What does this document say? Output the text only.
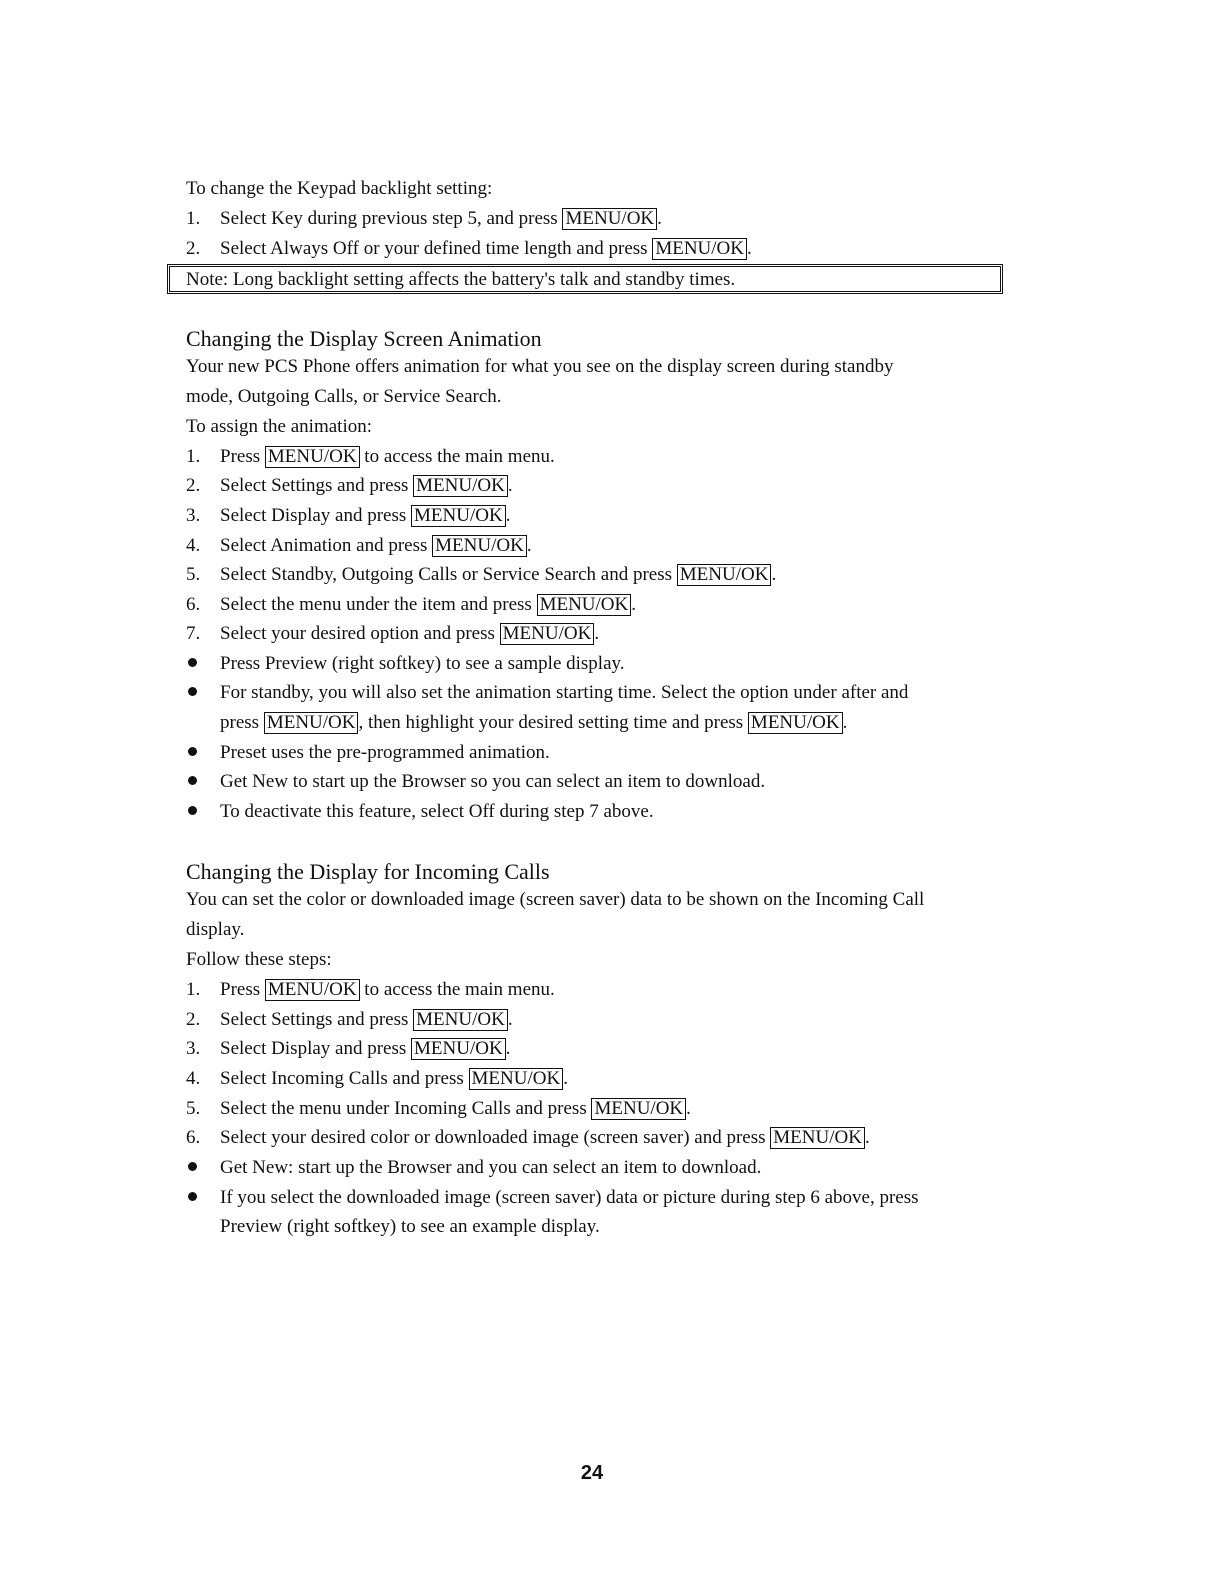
To change the Keypad backlight setting:
1.	Select Key during previous step 5, and press MENU/OK .
2.	Select Always Off or your defined time length and press MENU/OK .
Note: Long backlight setting affects the battery's talk and standby times.
Changing the Display Screen Animation
Your new PCS Phone offers animation for what you see on the display screen during standby
mode, Outgoing Calls, or Service Search.
To assign the animation:
1.	Press MENU/OK to access the main menu.
2.	Select Settings and press MENU/OK .
3.	Select Display and press MENU/OK .
4.	Select Animation and press MENU/OK .
5.	Select Standby, Outgoing Calls or Service Search and press MENU/OK .
6.	Select the menu under the item and press MENU/OK .
7.	Select your desired option and press MENU/OK .
Press Preview (right softkey) to see a sample display.
For standby, you will also set the animation starting time. Select the option under after and
press MENU/OK , then highlight your desired setting time and press MENU/OK .
Preset uses the pre-programmed animation.
Get New to start up the Browser so you can select an item to download.
To deactivate this feature, select Off during step 7 above.
Changing the Display for Incoming Calls
You can set the color or downloaded image (screen saver) data to be shown on the Incoming Call
display.
Follow these steps:
1.	Press MENU/OK to access the main menu.
2.	Select Settings and press MENU/OK .
3.	Select Display and press MENU/OK .
4.	Select Incoming Calls and press MENU/OK .
5.	Select the menu under Incoming Calls and press MENU/OK .
6.	Select your desired color or downloaded image (screen saver) and press MENU/OK .
Get New: start up the Browser and you can select an item to download.
If you select the downloaded image (screen saver) data or picture during step 6 above, press
Preview (right softkey) to see an example display.
24
